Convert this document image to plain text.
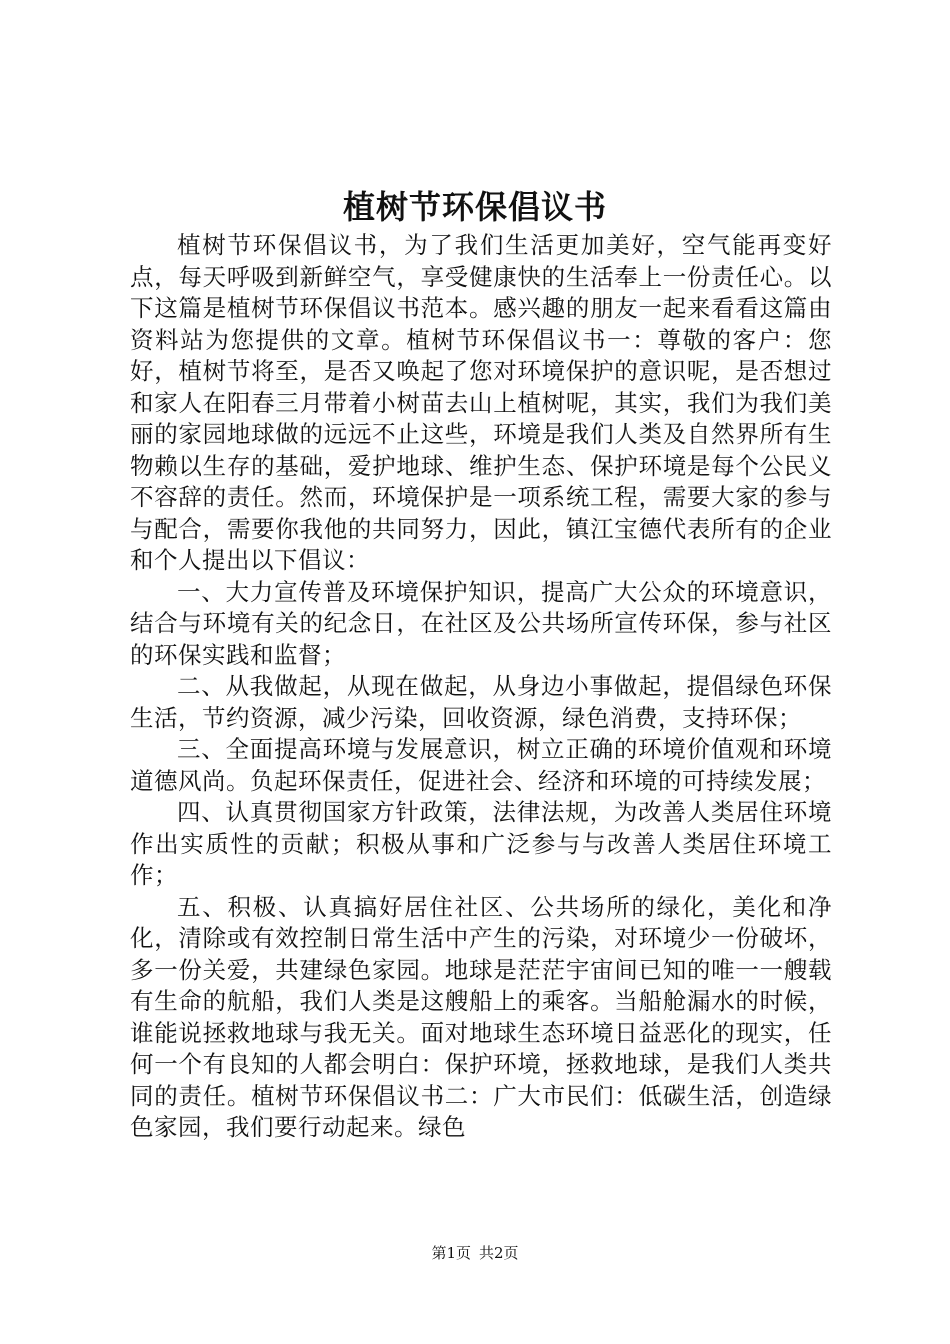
植树节环保倡议书

植树节环保倡议书，为了我们生活更加美好，空气能再变好点，每天呼吸到新鲜空气，享受健康快的生活奉上一份责任心。以下这篇是植树节环保倡议书范本。感兴趣的朋友一起来看看这篇由资料站为您提供的文章。植树节环保倡议书一：尊敬的客户：您好，植树节将至，是否又唤起了您对环境保护的意识呢，是否想过和家人在阳春三月带着小树苗去山上植树呢，其实，我们为我们美丽的家园地球做的远远不止这些，环境是我们人类及自然界所有生物赖以生存的基础，爱护地球、维护生态、保护环境是每个公民义不容辞的责任。然而，环境保护是一项系统工程，需要大家的参与与配合，需要你我他的共同努力，因此，镇江宝德代表所有的企业和个人提出以下倡议：

一、大力宣传普及环境保护知识，提高广大公众的环境意识，结合与环境有关的纪念日，在社区及公共场所宣传环保，参与社区的环保实践和监督；

二、从我做起，从现在做起，从身边小事做起，提倡绿色环保生活，节约资源，减少污染，回收资源，绿色消费，支持环保；

三、全面提高环境与发展意识，树立正确的环境价值观和环境道德风尚。负起环保责任，促进社会、经济和环境的可持续发展；

四、认真贯彻国家方针政策，法律法规，为改善人类居住环境作出实质性的贡献；积极从事和广泛参与与改善人类居住环境工作；

五、积极、认真搞好居住社区、公共场所的绿化，美化和净化，清除或有效控制日常生活中产生的污染，对环境少一份破坏，多一份关爱，共建绿色家园。地球是茫茫宇宙间已知的唯一一艘载有生命的航船，我们人类是这艘船上的乘客。当船舱漏水的时候，谁能说拯救地球与我无关。面对地球生态环境日益恶化的现实，任何一个有良知的人都会明白：保护环境，拯救地球，是我们人类共同的责任。植树节环保倡议书二：广大市民们：低碳生活，创造绿色家园，我们要行动起来。绿色

第1页 共2页
